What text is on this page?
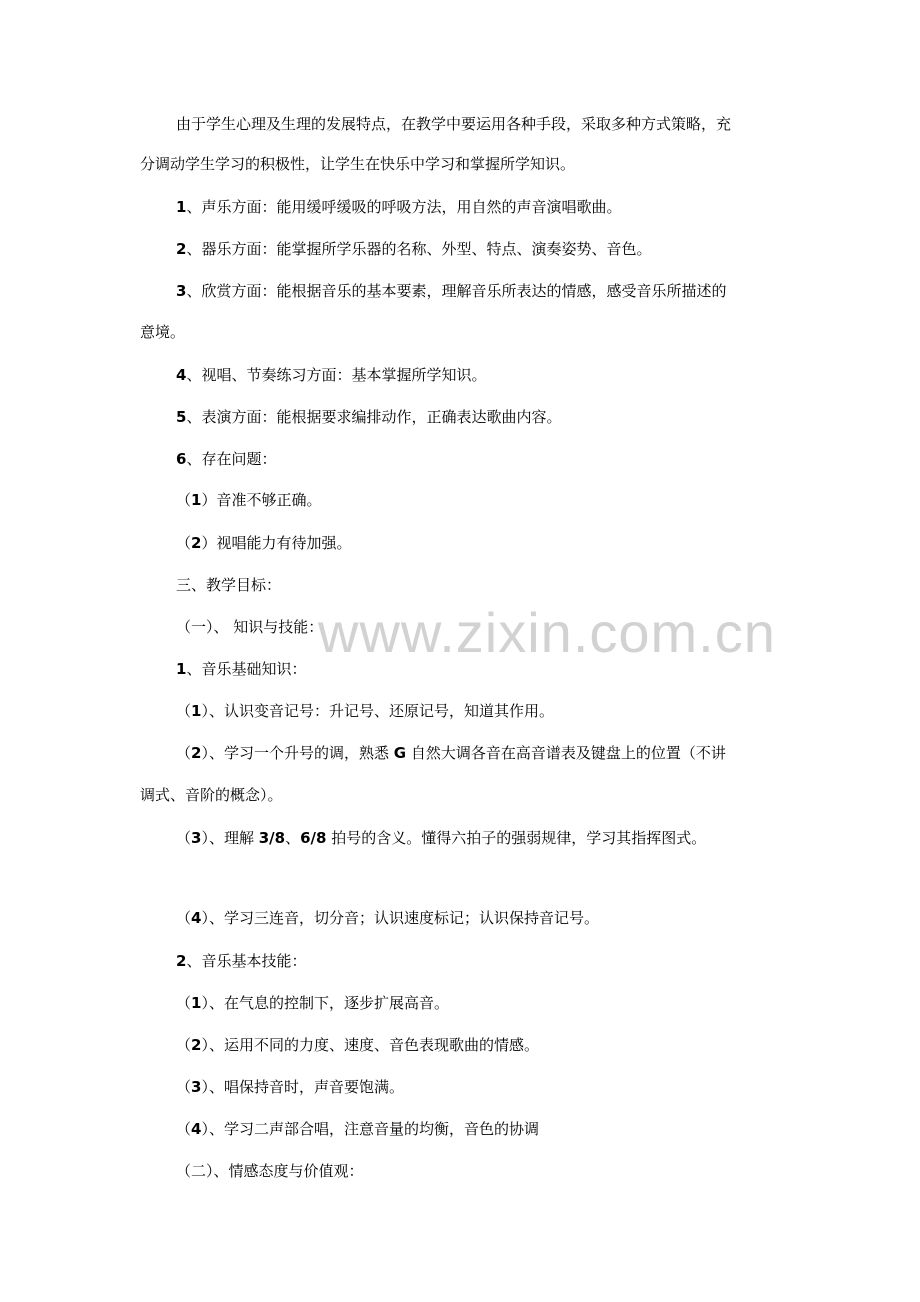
www.zixin.com.cn
由于学生心理及生理的发展特点，在教学中要运用各种手段，采取多种方式策略，充
分调动学生学习的积极性，让学生在快乐中学习和掌握所学知识。
1、声乐方面：能用缓呼缓吸的呼吸方法，用自然的声音演唱歌曲。
2、器乐方面：能掌握所学乐器的名称、外型、特点、演奏姿势、音色。
3、欣赏方面：能根据音乐的基本要素，理解音乐所表达的情感，感受音乐所描述的
意境。
4、视唱、节奏练习方面：基本掌握所学知识。
5、表演方面：能根据要求编排动作，正确表达歌曲内容。
6、存在问题：
（1）音准不够正确。
（2）视唱能力有待加强。
三、教学目标：
（一）、 知识与技能：
1、音乐基础知识：
（1）、认识变音记号：升记号、还原记号，知道其作用。
（2）、学习一个升号的调，熟悉 G 自然大调各音在高音谱表及键盘上的位置（不讲
调式、音阶的概念）。
（3）、理解 3/8、6/8 拍号的含义。懂得六拍子的强弱规律，学习其指挥图式。
（4）、学习三连音，切分音；认识速度标记；认识保持音记号。
2、音乐基本技能：
（1）、在气息的控制下，逐步扩展高音。
（2）、运用不同的力度、速度、音色表现歌曲的情感。
（3）、唱保持音时，声音要饱满。
（4）、学习二声部合唱，注意音量的均衡，音色的协调
（二）、情感态度与价值观：
